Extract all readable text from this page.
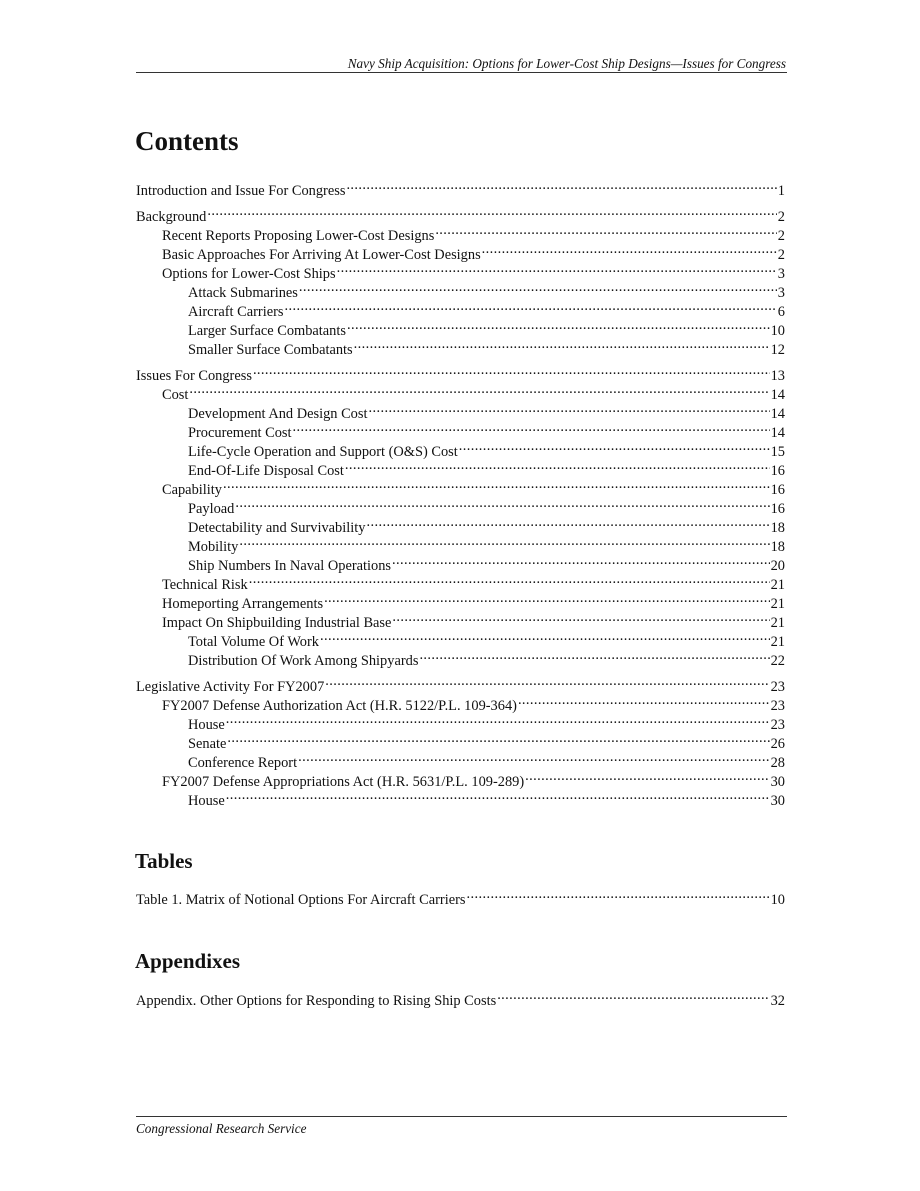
Navy Ship Acquisition: Options for Lower-Cost Ship Designs—Issues for Congress
Contents
Introduction and Issue For Congress .....	1
Background .....	2
Recent Reports Proposing Lower-Cost Designs .....	2
Basic Approaches For Arriving At Lower-Cost Designs .....	2
Options for Lower-Cost Ships .....	3
Attack Submarines .....	3
Aircraft Carriers .....	6
Larger Surface Combatants .....	10
Smaller Surface Combatants .....	12
Issues For Congress .....	13
Cost .....	14
Development And Design Cost .....	14
Procurement Cost .....	14
Life-Cycle Operation and Support (O&S) Cost .....	15
End-Of-Life Disposal Cost .....	16
Capability .....	16
Payload .....	16
Detectability and Survivability .....	18
Mobility .....	18
Ship Numbers In Naval Operations .....	20
Technical Risk .....	21
Homeporting Arrangements .....	21
Impact On Shipbuilding Industrial Base .....	21
Total Volume Of Work .....	21
Distribution Of Work Among Shipyards .....	22
Legislative Activity For FY2007 .....	23
FY2007 Defense Authorization Act (H.R. 5122/P.L. 109-364) .....	23
House .....	23
Senate .....	26
Conference Report .....	28
FY2007 Defense Appropriations Act (H.R. 5631/P.L. 109-289) .....	30
House .....	30
Tables
Table 1. Matrix of Notional Options For Aircraft Carriers .....	10
Appendixes
Appendix. Other Options for Responding to Rising Ship Costs .....	32
Congressional Research Service
